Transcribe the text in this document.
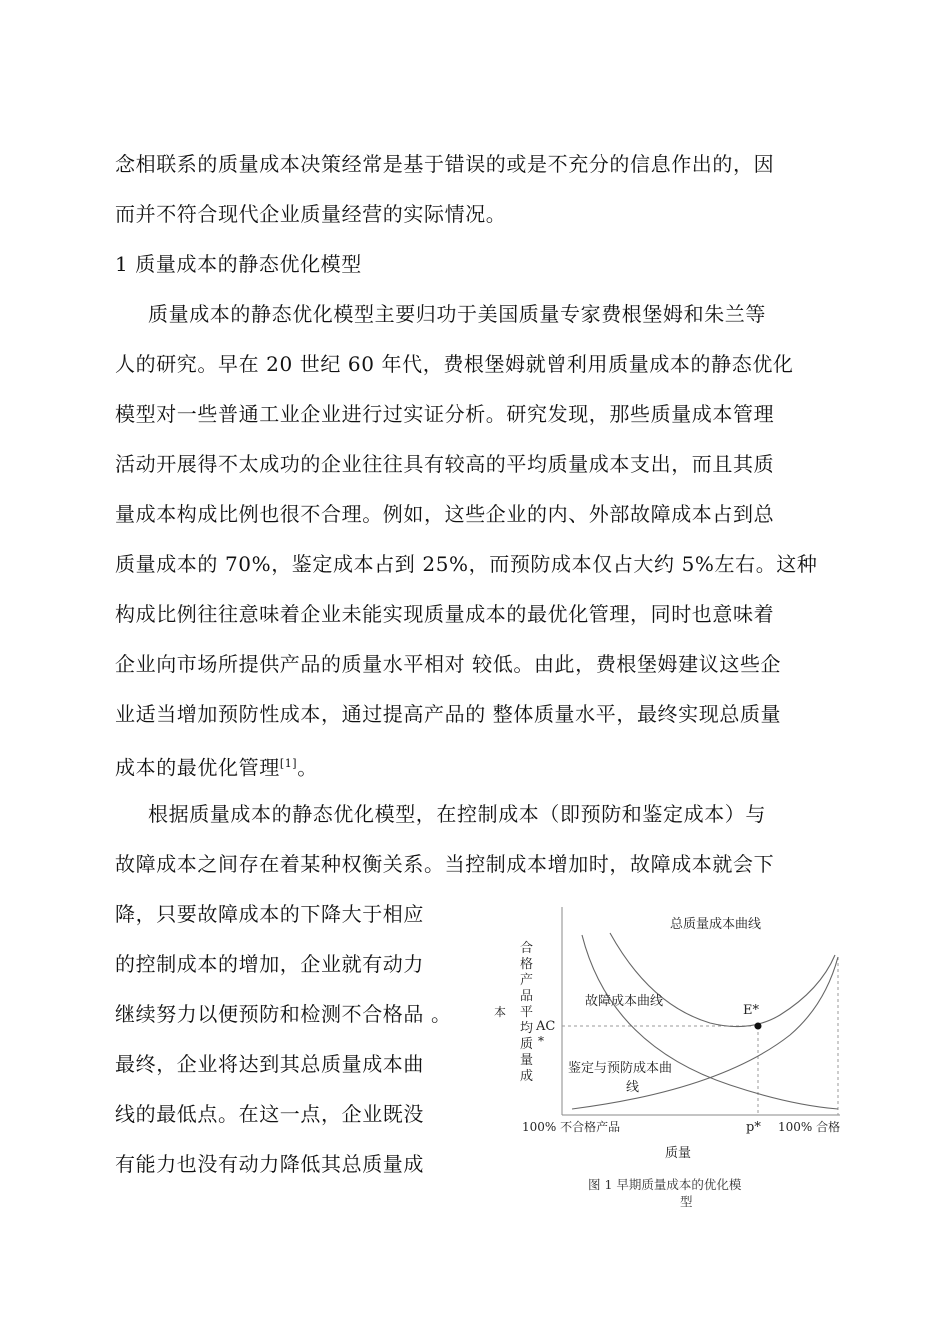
念相联系的质量成本决策经常是基于错误的或是不充分的信息作出的，因
而并不符合现代企业质量经营的实际情况。
1 质量成本的静态优化模型
质量成本的静态优化模型主要归功于美国质量专家费根堡姆和朱兰等
人的研究。早在 20 世纪 60 年代，费根堡姆就曾利用质量成本的静态优化
模型对一些普通工业企业进行过实证分析。研究发现，那些质量成本管理
活动开展得不太成功的企业往往具有较高的平均质量成本支出，而且其质
量成本构成比例也很不合理。例如，这些企业的内、外部故障成本占到总
质量成本的 70%，鉴定成本占到 25%，而预防成本仅占大约 5%左右。这种
构成比例往往意味着企业未能实现质量成本的最优化管理，同时也意味着
企业向市场所提供产品的质量水平相对 较低。由此，费根堡姆建议这些企
业适当增加预防性成本，通过提高产品的 整体质量水平，最终实现总质量
成本的最优化管理[1]。
根据质量成本的静态优化模型，在控制成本（即预防和鉴定成本）与
故障成本之间存在着某种权衡关系。当控制成本增加时，故障成本就会下
降，只要故障成本的下降大于相应
的控制成本的增加，企业就有动力
继续努力以便预防和检测不合格品 。
最终，企业将达到其总质量成本曲
线的最低点。在这一点，企业既没
有能力也没有动力降低其总质量成
E*
总质量成本曲线
故障成本曲线
鉴定与预防成本曲
线
合
格
产
品
平
均
质
量
成
本
AC
*
100% 不合格产品	p* 100% 合格
质量
图 1 早期质量成本的优化模
型
